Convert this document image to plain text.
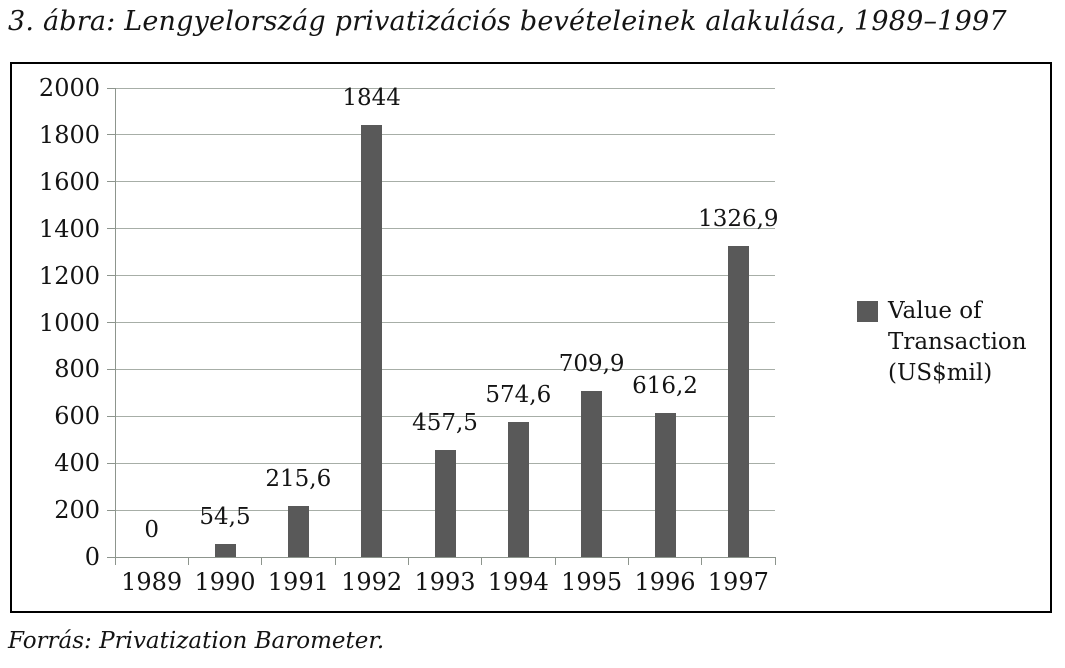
3. ábra: Lengyelország privatizációs bevételeinek alakulása, 1989–1997
0
200
400
600
800
1000
1200
1400
1600
1800
2000
0
1989
54,5
1990
215,6
1991
1844
1992
457,5
1993
574,6
1994
709,9
1995
616,2
1996
1326,9
1997
Value of
Transaction
(US$mil)
Forrás: Privatization Barometer.
